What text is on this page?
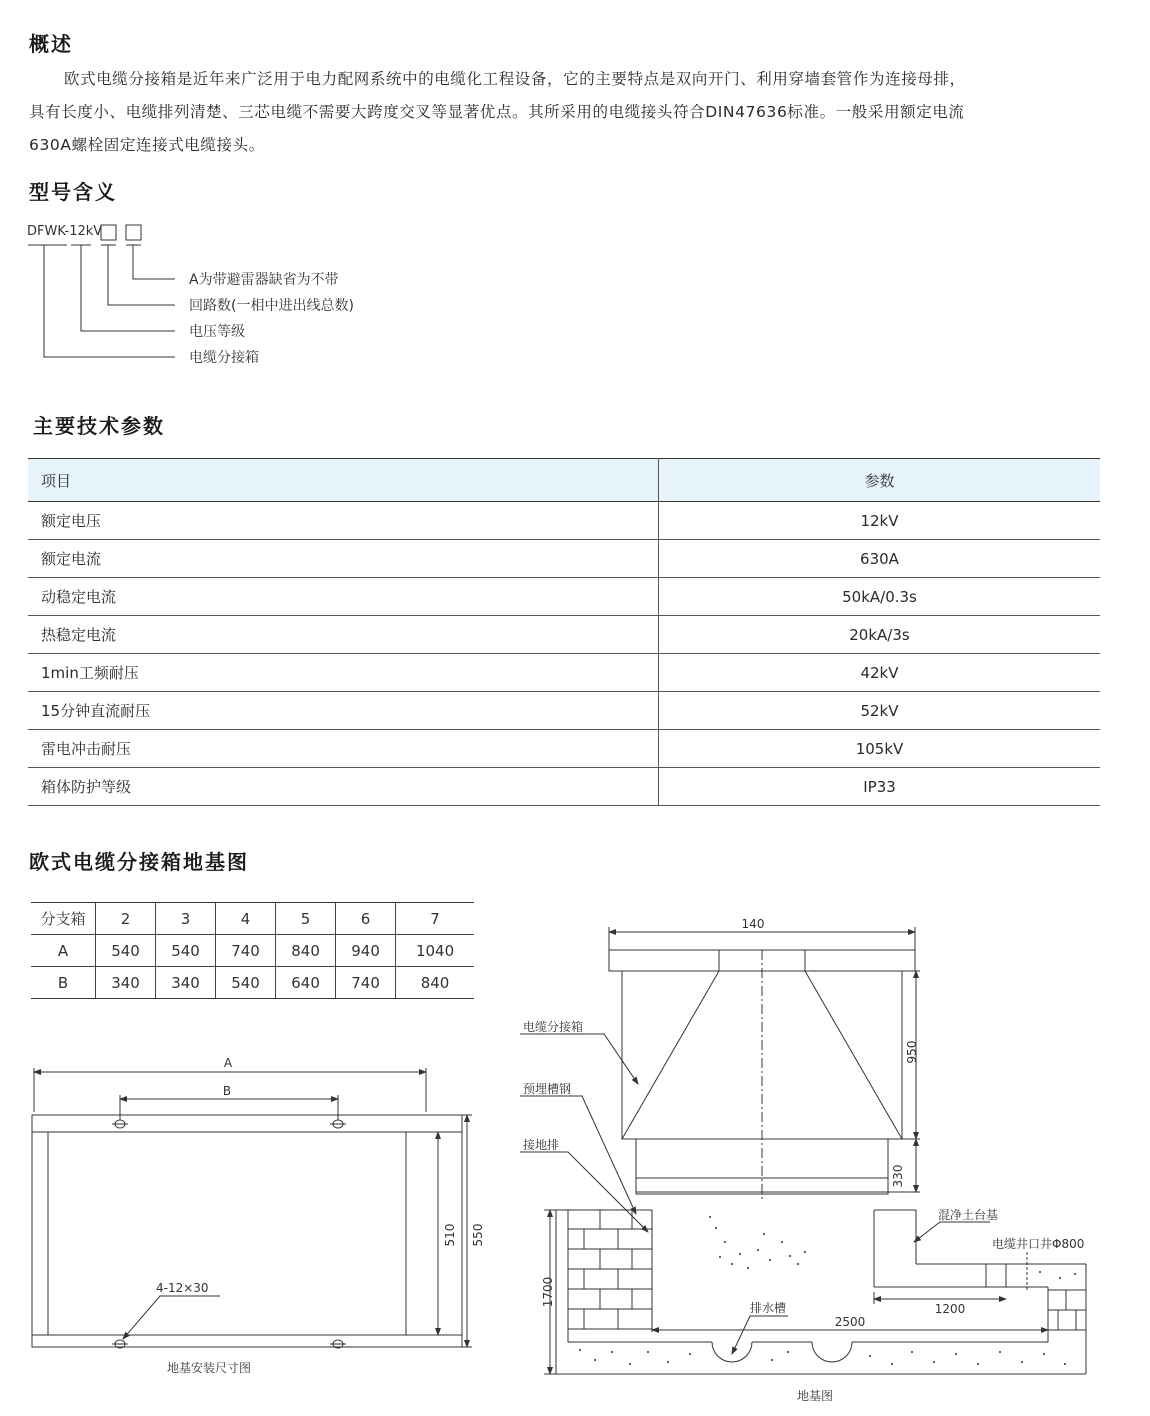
概述
欧式电缆分接箱是近年来广泛用于电力配网系统中的电缆化工程设备，它的主要特点是双向开门、利用穿墙套管作为连接母排，
具有长度小、电缆排列清楚、三芯电缆不需要大跨度交叉等显著优点。其所采用的电缆接头符合DIN47636标准。一般采用额定电流
630A螺栓固定连接式电缆接头。
型号含义
DFWK-12kV
A为带避雷器缺省为不带
回路数(一相中进出线总数)
电压等级
电缆分接箱
主要技术参数
项目	参数
额定电压	12kV
额定电流	630A
动稳定电流	50kA/0.3s
热稳定电流	20kA/3s
1min工频耐压	42kV
15分钟直流耐压	52kV
雷电冲击耐压	105kV
箱体防护等级	IP33
欧式电缆分接箱地基图
分支箱	2	3	4	5	6	7
A	540	540	740	840	940	1040
B	340	340	540	640	740	840
A
B
510 550
4-12×30
地基安装尺寸图
140
950
330
1700
1200
2500
电缆分接箱
预埋槽钢
接地排
混净土台基
电缆井口井Φ800
排水槽
地基图
